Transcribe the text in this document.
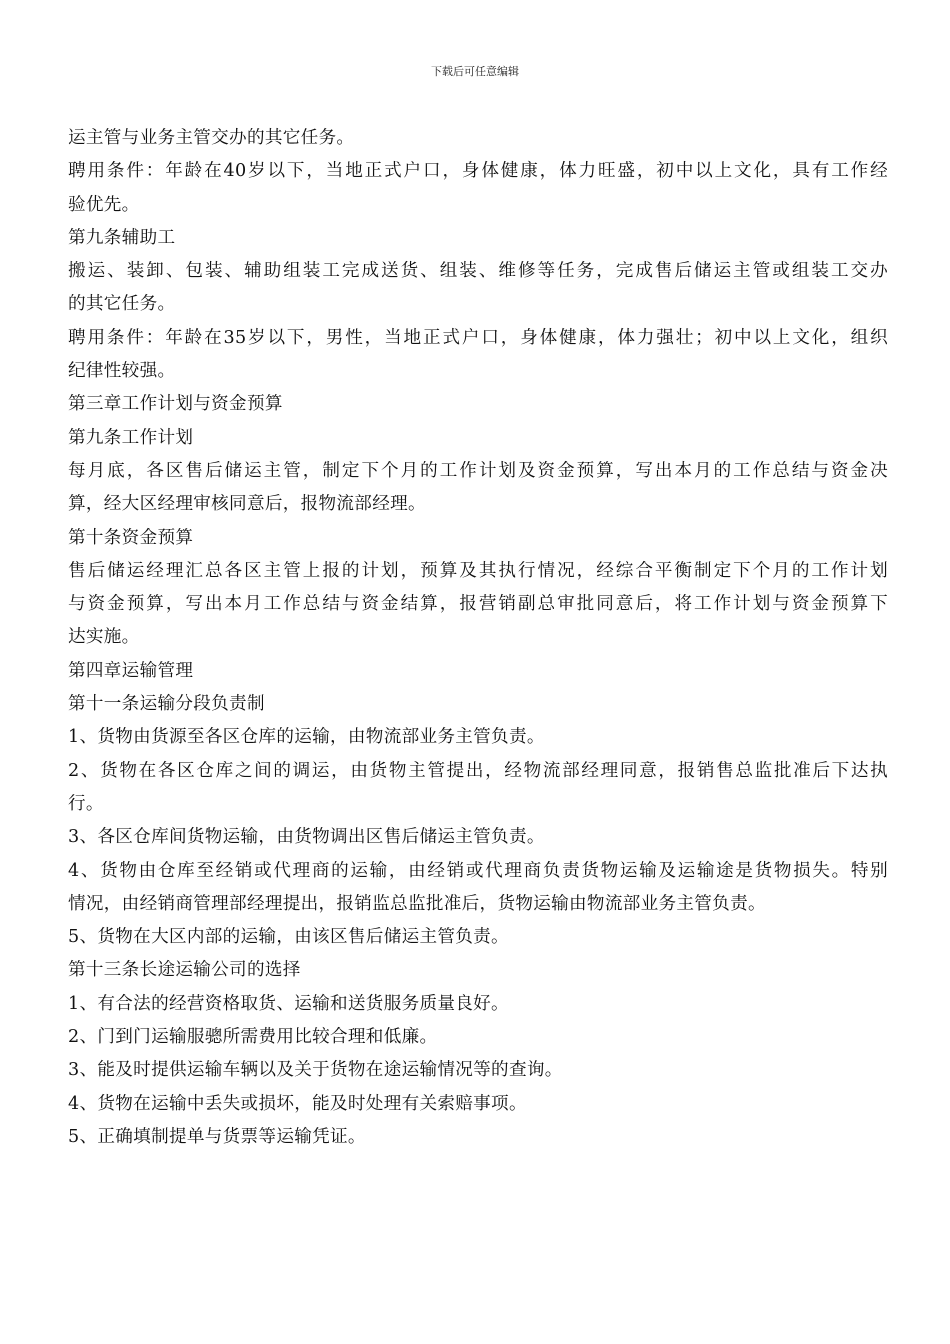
下载后可任意编辑
运主管与业务主管交办的其它任务。
聘用条件：年龄在40岁以下，当地正式户口，身体健康，体力旺盛，初中以上文化，具有工作经
验优先。
第九条辅助工
搬运、装卸、包装、辅助组装工完成送货、组装、维修等任务，完成售后储运主管或组装工交办
的其它任务。
聘用条件：年龄在35岁以下，男性，当地正式户口，身体健康，体力强壮；初中以上文化，组织
纪律性较强。
第三章工作计划与资金预算
第九条工作计划
每月底，各区售后储运主管，制定下个月的工作计划及资金预算，写出本月的工作总结与资金决
算，经大区经理审核同意后，报物流部经理。
第十条资金预算
售后储运经理汇总各区主管上报的计划，预算及其执行情况，经综合平衡制定下个月的工作计划
与资金预算，写出本月工作总结与资金结算，报营销副总审批同意后，将工作计划与资金预算下
达实施。
第四章运输管理
第十一条运输分段负责制
1、货物由货源至各区仓库的运输，由物流部业务主管负责。
2、货物在各区仓库之间的调运，由货物主管提出，经物流部经理同意，报销售总监批准后下达执
行。
3、各区仓库间货物运输，由货物调出区售后储运主管负责。
4、货物由仓库至经销或代理商的运输，由经销或代理商负责货物运输及运输途是货物损失。特别
情况，由经销商管理部经理提出，报销监总监批准后，货物运输由物流部业务主管负责。
5、货物在大区内部的运输，由该区售后储运主管负责。
第十三条长途运输公司的选择
1、有合法的经营资格取货、运输和送货服务质量良好。
2、门到门运输服骢所需费用比较合理和低廉。
3、能及时提供运输车辆以及关于货物在途运输情况等的查询。
4、货物在运输中丢失或损坏，能及时处理有关索赔事项。
5、正确填制提单与货票等运输凭证。
